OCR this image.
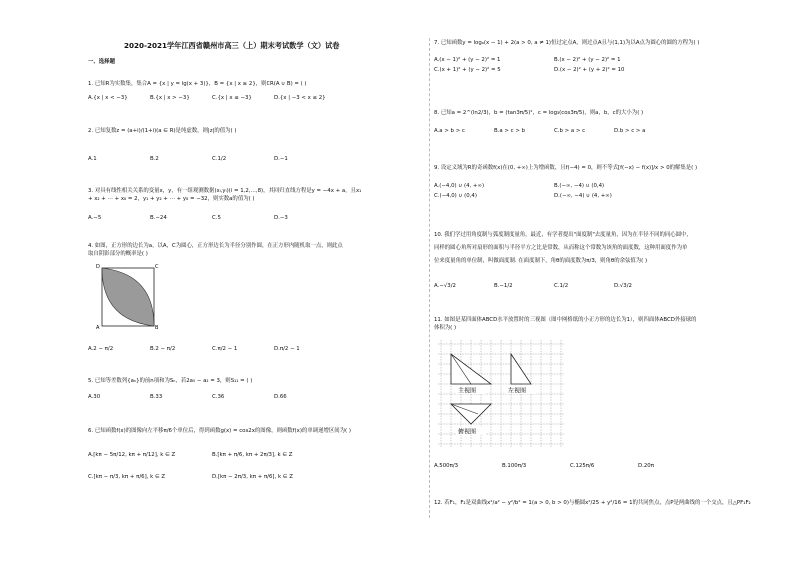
2020-2021学年江西省赣州市高三（上）期末考试数学（文）试卷
一、选择题
1. 已知R为实数集，集合A = {x | y = lg(x + 3)}，B = {x | x ≥ 2}，则∁R(A ∪ B) = ( )
A.{x | x < −3}	B.{x | x > −3}	C.{x | x ≤ −3}	D.{x | −3 < x ≤ 2}
2. 已知复数z = (a+i)/(1+i)(a ∈ R)是纯虚数，则|z|的值为( )
A.1	B.2	C.1/2	D.−1
3. 对具有线性相关关系的变量x，y，有一组观测数据(xᵢ,yᵢ)(i = 1,2,…,8)，其回归直线方程是y = −4x + a，且x₁
+ x₂ + ⋯ + x₈ = 2，y₁ + y₂ + ⋯ + y₈ = −32，则实数a的值为( )
A.−5	B.−24	C.5	D.−3
4. 如图，正方形的边长为a，以A，C为圆心，正方形边长为半径分别作圆，在正方形内随机取一点，则此点
取自阴影部分的概率是( )
D	C
A	B
A.2 − π/2	B.2 − π/2	C.π/2 − 1	D.π/2 − 1
5. 已知等差数列{aₙ}的前n项和为Sₙ，若2a₅ − a₂ = 3，则S₁₁ = ( )
A.30	B.33	C.36	D.66
6. 已知函数f(x)的图像向左平移π/6个单位后，得到函数g(x) = cos2x的图像，则函数f(x)的单调递增区间为( )
A.[kπ − 5π/12, kπ + π/12], k ∈ Z	B.[kπ + π/6, kπ + 2π/3], k ∈ Z
C.[kπ − π/3, kπ + π/6], k ∈ Z	D.[kπ − 2π/3, kπ + π/6], k ∈ Z
7. 已知函数y = logₐ(x − 1) + 2(a > 0, a ≠ 1)恒过定点A，则过点A且与(1,1)为以A点为圆心的圆的方程为( )
A.(x − 1)² + (y − 2)² = 1	B.(x − 2)² + (y − 2)² = 1
C.(x + 1)² + (y − 2)² = 5	D.(x − 2)² + (y + 2)² = 10
8. 已知a = 2^(ln2/3)，b = (tan3π/5)²，c = log₃(cos3π/5)，则a，b，c的大小为( )
A.a > b > c	B.a > c > b	C.b > a > c	D.b > c > a
9. 设定义域为R的奇函数f(x)在(0, +∞)上为增函数，且f(−4) = 0，则不等式[f(−x) − f(x)]/x > 0的解集是( )
A.(−4,0) ∪ (4, +∞)	B.(−∞, −4) ∪ (0,4)
C.(−4,0) ∪ (0,4)	D.(−∞, −4) ∪ (4, +∞)
10. 我们学过用角度制与弧度制度量角，最近，有学者提出"面度制"去度量角，因为在半径不同的同心圆中，
同样的圆心角所对扇形的面积与半径平方之比是常数，从而称这个常数为该角的面度数，这种用面度作为单
位来度量角的单位制，叫做面度制. 在面度制下，角θ的面度数为π/3，则角θ的余弦值为( )
A.−√3/2	B.−1/2	C.1/2	D.√3/2
11. 如图是某四面体ABCD水平放置时的三视图（图中网格纸的小正方形的边长为1），则四面体ABCD外接球的
体积为( )
主视图	左视图
俯视图
A.500π/3	B.100π/3	C.125π/6	D.20π
12. 若F₁，F₂是双曲线x²/a² − y²/b² = 1(a > 0, b > 0)与椭圆x²/25 + y²/16 = 1的共同焦点，点P是两曲线的一个交点，且△PF₁F₂
